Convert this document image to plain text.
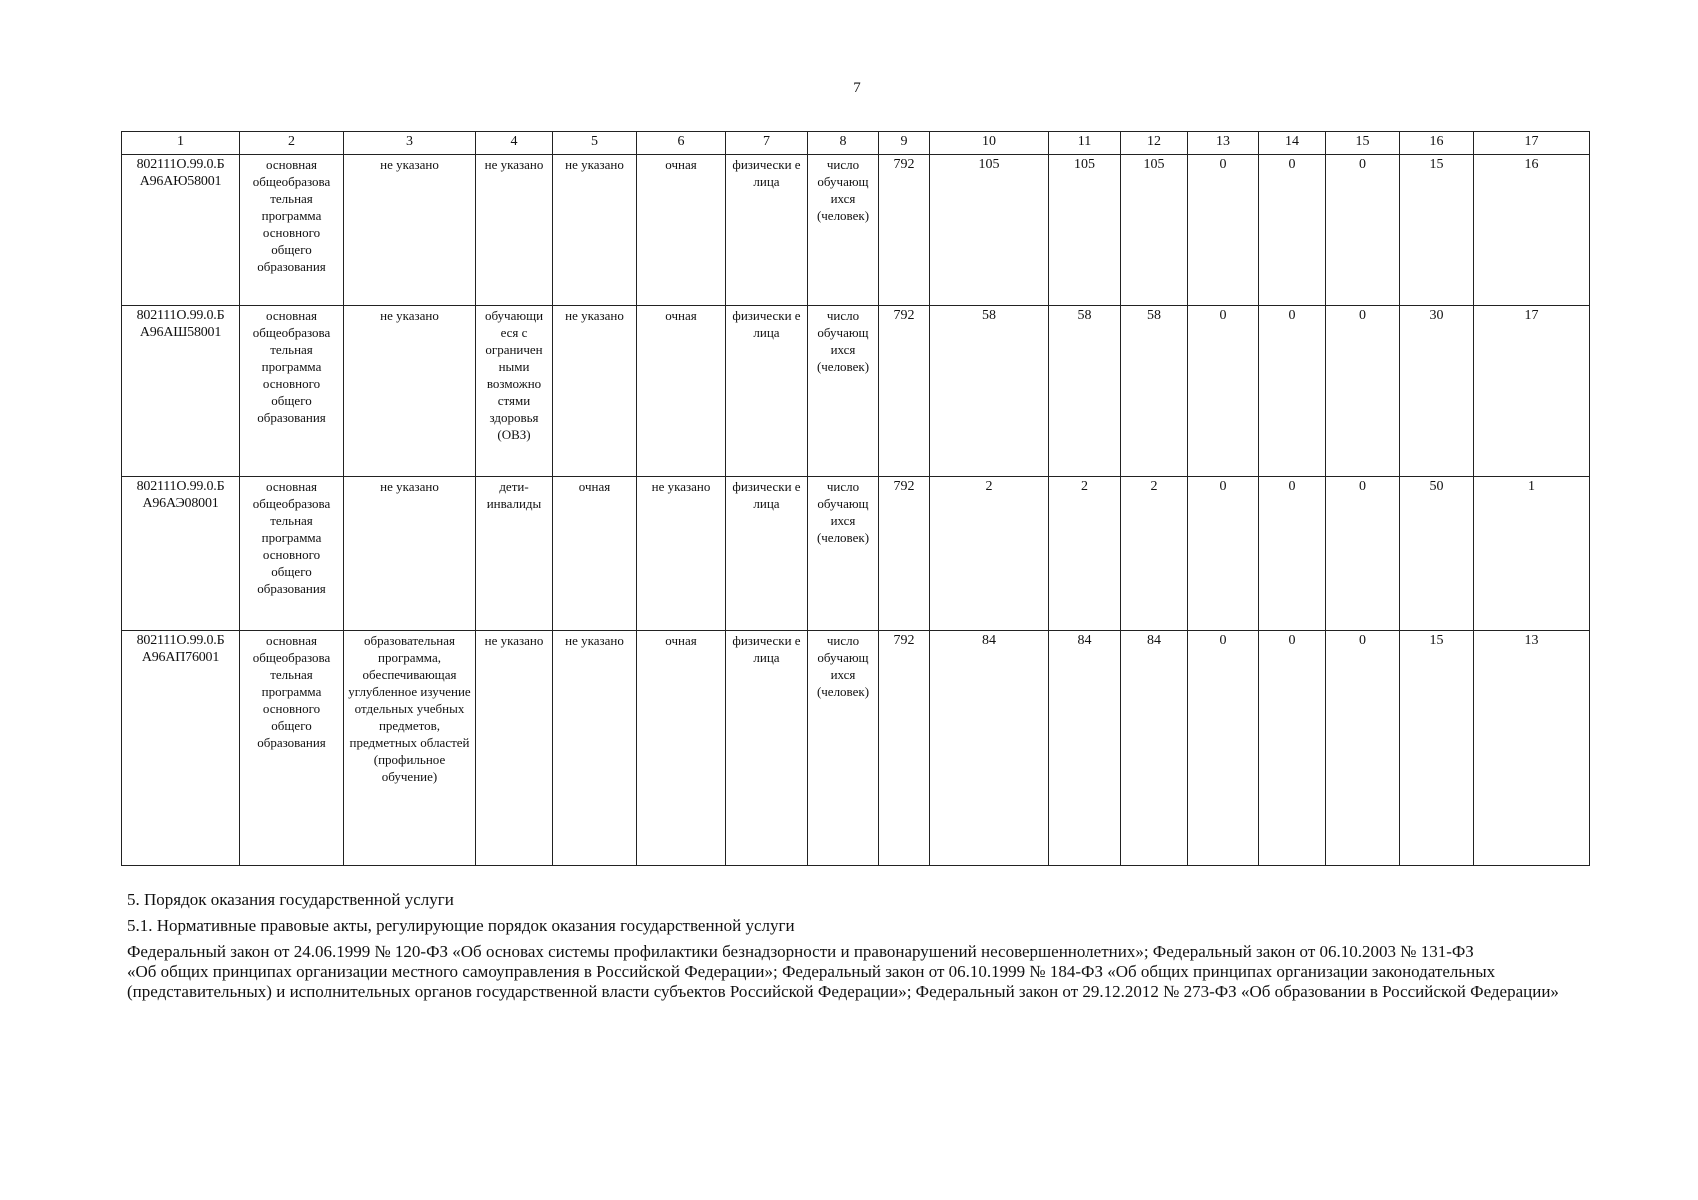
7
1	2	3	4	5	6	7	8	9	10	11	12	13	14	15	16	17
802111О.99.0.Б А96АЮ58001	основная общеобразова тельная программа основного общего образования	не указано	не указано	не указано	очная	физически е лица	число обучающ ихся (человек)	792	105	105	105	0	0	0	15	16
802111О.99.0.Б А96АШ58001	основная общеобразова тельная программа основного общего образования	не указано	обучающи еся с ограничен ными возможно стями здоровья (ОВЗ)	не указано	очная	физически е лица	число обучающ ихся (человек)	792	58	58	58	0	0	0	30	17
802111О.99.0.Б А96АЭ08001	основная общеобразова тельная программа основного общего образования	не указано	дети-инвалиды	очная	не указано	физически е лица	число обучающ ихся (человек)	792	2	2	2	0	0	0	50	1
802111О.99.0.Б А96АП76001	основная общеобразова тельная программа основного общего образования	образовательная программа, обеспечивающая углубленное изучение отдельных учебных предметов, предметных областей (профильное обучение)	не указано	не указано	очная	физически е лица	число обучающ ихся (человек)	792	84	84	84	0	0	0	15	13

5. Порядок оказания государственной услуги

5.1. Нормативные правовые акты, регулирующие порядок оказания государственной услуги

Федеральный закон от 24.06.1999 № 120-ФЗ «Об основах системы профилактики безнадзорности и правонарушений несовершеннолетних»; Федеральный закон от 06.10.2003 № 131-ФЗ

«Об общих принципах организации местного самоуправления в Российской Федерации»; Федеральный закон от 06.10.1999 № 184-ФЗ «Об общих принципах организации законодательных (представительных) и исполнительных органов государственной власти субъектов Российской Федерации»; Федеральный закон от 29.12.2012 № 273-ФЗ «Об образовании в Российской Федерации»
